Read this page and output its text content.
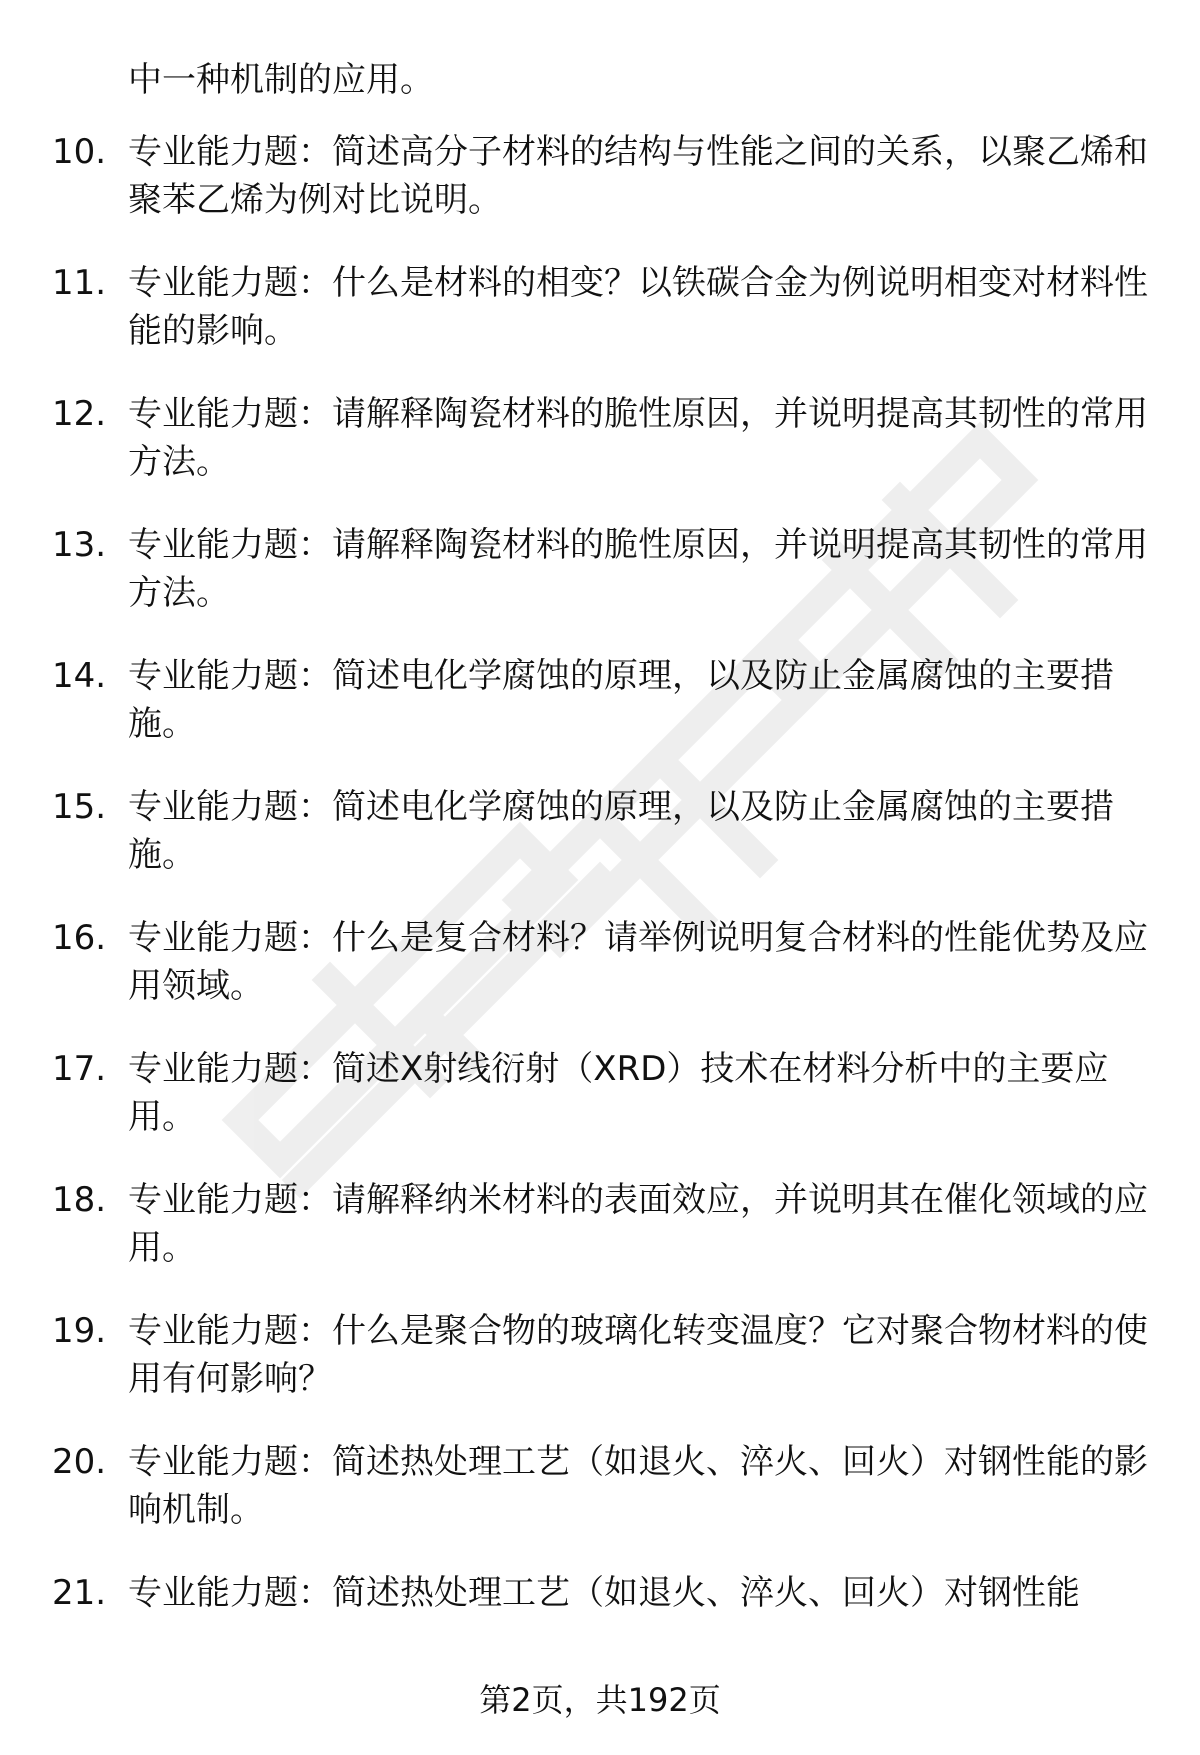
中一种机制的应用。
10. 专业能力题：简述高分子材料的结构与性能之间的关系，以聚乙烯和聚苯乙烯为例对比说明。
11. 专业能力题：什么是材料的相变？以铁碳合金为例说明相变对材料性能的影响。
12. 专业能力题：请解释陶瓷材料的脆性原因，并说明提高其韧性的常用方法。
13. 专业能力题：请解释陶瓷材料的脆性原因，并说明提高其韧性的常用方法。
14. 专业能力题：简述电化学腐蚀的原理，以及防止金属腐蚀的主要措施。
15. 专业能力题：简述电化学腐蚀的原理，以及防止金属腐蚀的主要措施。
16. 专业能力题：什么是复合材料？请举例说明复合材料的性能优势及应用领域。
17. 专业能力题：简述X射线衍射（XRD）技术在材料分析中的主要应用。
18. 专业能力题：请解释纳米材料的表面效应，并说明其在催化领域的应用。
19. 专业能力题：什么是聚合物的玻璃化转变温度？它对聚合物材料的使用有何影响？
20. 专业能力题：简述热处理工艺（如退火、淬火、回火）对钢性能的影响机制。
21. 专业能力题：简述热处理工艺（如退火、淬火、回火）对钢性能
第2页，共192页
